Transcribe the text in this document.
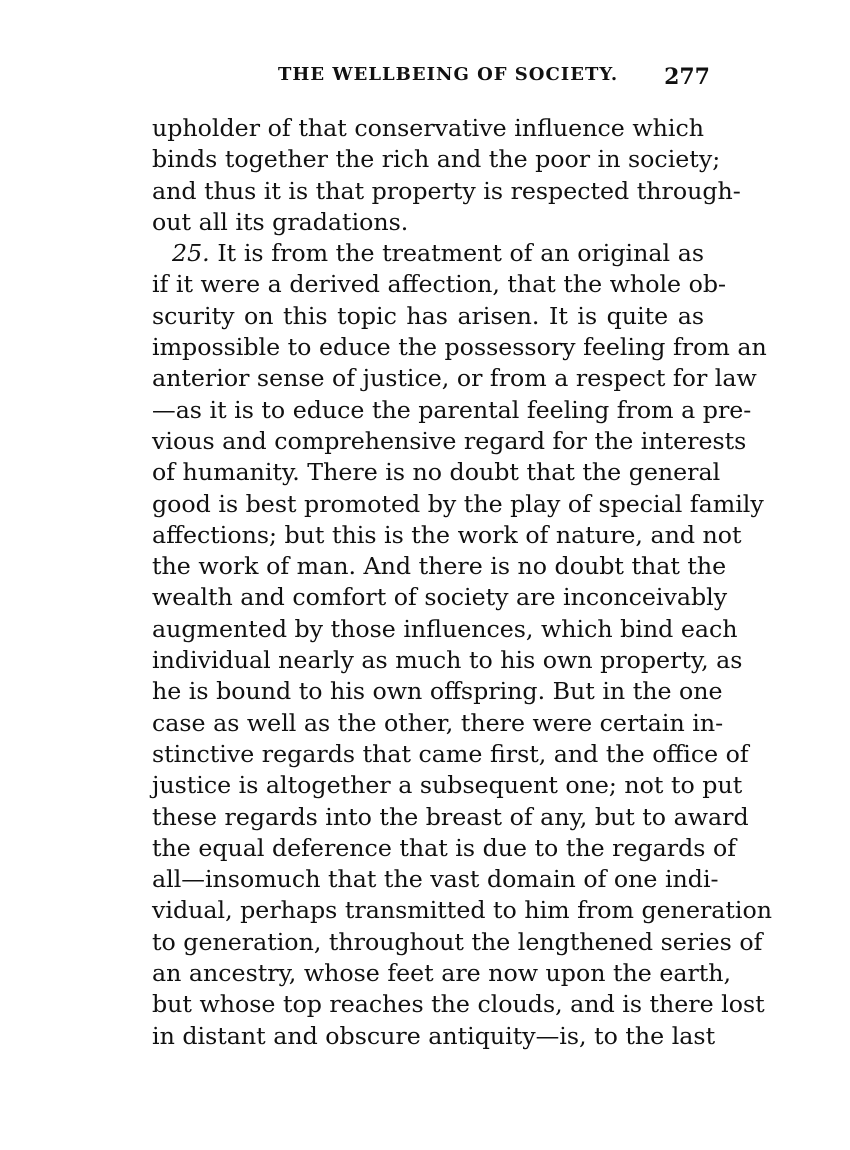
THE WELLBEING OF SOCIETY. 277
upholder of that conservative influence which
binds together the rich and the poor in society;
and thus it is that property is respected through-
out all its gradations.
25. It is from the treatment of an original as
if it were a derived affection, that the whole ob-
scurity on this topic has arisen. It is quite as
impossible to educe the possessory feeling from an
anterior sense of justice, or from a respect for law
—as it is to educe the parental feeling from a pre-
vious and comprehensive regard for the interests
of humanity. There is no doubt that the general
good is best promoted by the play of special family
affections; but this is the work of nature, and not
the work of man. And there is no doubt that the
wealth and comfort of society are inconceivably
augmented by those influences, which bind each
individual nearly as much to his own property, as
he is bound to his own offspring. But in the one
case as well as the other, there were certain in-
stinctive regards that came first, and the office of
justice is altogether a subsequent one; not to put
these regards into the breast of any, but to award
the equal deference that is due to the regards of
all—insomuch that the vast domain of one indi-
vidual, perhaps transmitted to him from generation
to generation, throughout the lengthened series of
an ancestry, whose feet are now upon the earth,
but whose top reaches the clouds, and is there lost
in distant and obscure antiquity—is, to the last
